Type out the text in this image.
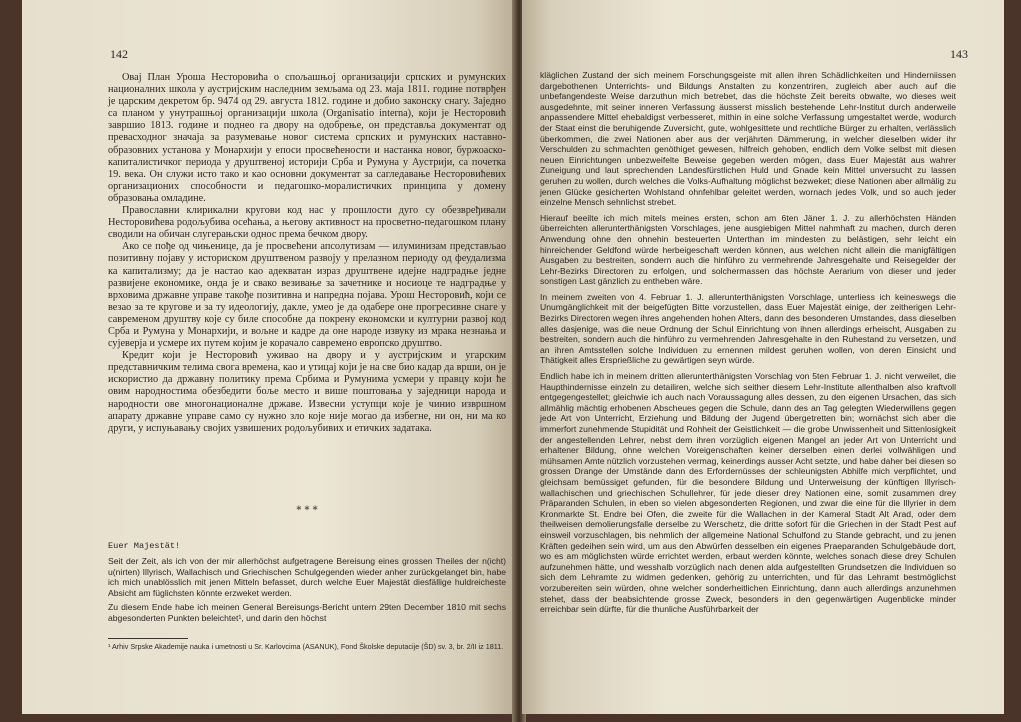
142

Овај План Уроша Несторовића о спољашњој организацији српских и румунских националних школа у аустријским наследним земљама од 23. маја 1811. године потврђен је царским декретом бр. 9474 од 29. августа 1812. године и добио законску снагу. Заједно са планом у унутрашњој организацији школа (Organisatio interna), који је Несторовић завршио 1813. године и поднео га двору на одобрење, он представља документат од превасходног значаја за разумевање новог система српских и румунских наставно-образовних установа у Монархији у епоси просвећености и настанка новог, буржоаско-капиталистичког периода у друштвеној историји Срба и Румуна у Аустрији, са почетка 19. века. Он служи исто тако и као основни документат за сагледавање Несторовићевих организационих способности и педагошко-моралистичких принципа у домену образовања омладине.

Православни клирикални кругови код нас у прошлости дуго су обезвређивали Несторовићева родољубива осећања, а његову активност на просветно-педагошком плану сводили на обичан слугерањски однос према бечком двору.

Ако се пође од чињенице, да је просвећени апсолутизам — илуминизам представљао позитивну појаву у историском друштвеном развоју у прелазном периоду од феудализма ка капитализму; да је настао као адекватан израз друштвене идејне надградње једне развијене економике, онда је и свако везивање за зачетнике и носиоце те надградње у врховима државне управе такође позитивна и напредна појава. Урош Несторовић, који се везао за те кругове и за ту идеологију, дакле, умео је да одабере оне прогресивне снаге у савременом друштву које су биле способне да покрену економски и културни развој код Срба и Румуна у Монархији, и вољне и кадре да оне народе извуку из мрака незнања и сујеверја и усмере их путем којим је корачало савремено европско друштво.

Кредит који је Несторовић уживао на двору и у аустријским и угарским представничким телима свога времена, као и утицај који је на све био кадар да врши, он је искористио да државну политику према Србима и Румунима усмери у правцу који ће овим народностима обезбедити боље место и више поштовања у заједници народа и народности ове многонационалне државе. Извесни уступци које је чинио извршном апарату државне управе само су нужно зло које није могао да избегне, ни он, ни ма ко други, у испуњавању својих узвишених родољубивих и етичких задатака.

* * *
Euer Majestät!

Seit der Zeit, als ich von der mir allerhöchst aufgetragene Bereisung eines grossen Theiles der n(icht) u(nirten) Illyrisch, Wallachisch und Griechischen Schulgegenden wieder anher zurückgelanget bin, habe ich mich unablösslich mit jenen Mitteln befasset, durch welche Euer Majestät diesfällige huldreicheste Absicht am füglichsten könnte erzweket werden.

Zu diesem Ende habe ich meinen General Bereisungs-Bericht untern 29ten December 1810 mit sechs abgesonderten Punkten beleichtet¹, und darin den höchst

¹ Arhiv Srpske Akademije nauka i umetnosti u Sr. Karlovcima (ASANUK), Fond Školske deputacije (ŠD) sv. 3, br. 2/II iz 1811.
143

kläglichen Zustand der sich meinem Forschungsgeiste mit allen ihren Schädlichkeiten und Hinderniissen dargebothenen Unterrichts- und Bildungs Anstalten zu konzentriren, zugleich aber auch auf die unbefangendeste Weise darzuthun mich betrebet, das die höchste Zeit bereits obwalte, wo dieses weit ausgedehnte, mit seiner inneren Verfassung äusserst misslich bestehende Lehr-Institut durch anderweile anpassendere Mittel ehebaldigst verbesseret, mithin in eine solche Verfassung umgestaltet werde, wodurch der Staat einst die beruhigende Zuversicht, gute, wohlgesittete und rechtliche Bürger zu erhalten, verlässlich überkommen, die zwei Nationen aber aus der verjährten Dämmerung, in welcher dieselben wider ihr Verschulden zu schmachten genöthiget gewesen, hilfreich gehoben, endlich dem Volke selbst mit diesen neuen Einrichtungen unbezweifelte Beweise gegeben werden mögen, dass Euer Majestät aus wahrer Zuneigung und laut sprechenden Landesfürstlichen Huld und Gnade kein Mittel unversucht zu lassen geruhen zu wollen, durch welches die Volks-Aufhaltung möglichst bezweket; diese Nationen aber allmälig zu jenen Glücke gesicherten Wohlstand ohnfehlbar geleitet werden, wornach jedes Volk, und so auch jeder einzelne Mensch sehnlichst strebet.

Hierauf beeilte ich mich mitels meines ersten, schon am 6ten Jäner 1. J. zu allerhöchsten Händen überreichten allerunterthänigsten Vorschlages, jene ausgiebigen Mittel nahmhaft zu machen, durch deren Anwendung ohne den ohnehin besteuerten Unterthan im mindesten zu belästigen, sehr leicht ein hinreichender Geldfond würde herbeigeschaft werden können, aus welchen nicht allein die manigfältigen Ausgaben zu bestreiten, sondern auch die hinführo zu vermehrende Jahresgehalte und Reisegelder der Lehr-Bezirks Directoren zu erfolgen, und solchermassen das höchste Aerarium von dieser und jeder sonstigen Last gänzlich zu entheben wäre.

In meinem zweiten von 4. Februar 1. J. allerunterthänigsten Vorschlage, unterliess ich keineswegs die Unumgänglichkeit mit der beigefügten Bitte vorzustellen, dass Euer Majestät einige, der zeitherigen Lehr-Bezirks Directoren wegen ihres angehenden hohen Alters, dann des besonderen Umstandes, dass dieselben alles dasjenige, was die neue Ordnung der Schul Einrichtung von ihnen allerdings erheischt, Ausgaben zu bestreiten, sondern auch die hinführo zu vermehrenden Jahresgehalte in den Ruhestand zu versetzen, und an ihren Amtsstellen solche Individuen zu ernennen mildest geruhen wollen, von deren Einsicht und Thätigkeit alles Ersprießliche zu gewärtigen seyn würde.

Endlich habe ich in meinem dritten allerunterthänigsten Vorschlag von 5ten Februar 1. J. nicht verweilet, die Haupthindernisse einzeln zu detailiren, welche sich seither diesem Lehr-Institute allenthalben also kraftvoll entgegengestellet; gleichwie ich auch nach Voraussagung alles dessen, zu den eigenen Ursachen, das sich allmählig mächtig erhobenen Abscheues gegen die Schule, dann des an Tag gelegten Wiederwillens gegen jede Art von Unterricht, Erziehung und Bildung der Jugend übergetretten bin; wornächst sich aber die immerfort zunehmende Stupidität und Rohheit der Geistlichkeit — die grobe Unwissenheit und Sittenlosigkeit der angestellenden Lehrer, nebst dem ihren vorzüglich eigenen Mangel an jeder Art von Unterricht und erhaltener Bildung, ohne welchen Voreigenschaften keiner derselben einen derlei vollwähligen und mühsamen Amte nützlich vorzustehen vermag, keinerdings ausser Acht setzte, und habe daher bei diesen so grossen Drange der Umstände dann des Erfordernüsses der schleunigsten Abhilfe mich verpflichtet, und gleichsam bemüssiget gefunden, für die besondere Bildung und Unterweisung der künftigen Illyrisch-wallachischen und griechischen Schullehrer, für jede dieser drey Nationen eine, somit zusammen drey Präparanden Schulen, in eben so vielen abgesonderten Regionen, und zwar die eine für die Illyrier in dem Kronmarkte St. Endre bei Ofen, die zweite für die Wallachen in der Kameral Stadt Alt Arad, oder dem theilweisen demolierungsfalle derselbe zu Werschetz, die dritte sofort für die Griechen in der Stadt Pest auf einsweil vorzuschlagen, bis nehmlich der allgemeine National Schulfond zu Stande gebracht, und zu jenen Kräften gedeihen sein wird, um aus den Abwürfen desselben ein eigenes Praeparanden Schulgebäude dort, wo es am möglichsten würde errichtet werden, erbaut werden könnte, welches sonach diese drey Schulen aufzunehmen hätte, und wesshalb vorzüglich nach denen alda aufgestellten Grundsetzen die Individuen so sich dem Lehramte zu widmen gedenken, gehörig zu unterrichten, und für das Lehramt bestmöglichst vorzubereiten sein würden, ohne welcher sonderheitlichen Einrichtung, dann auch allerdings anzunehmen stehet, dass der beabsichtende grosse Zweck, besonders in den gegenwärtigen Augenblicke minder erreichbar sein dürfte, für die thunliche Ausführbarkeit der
